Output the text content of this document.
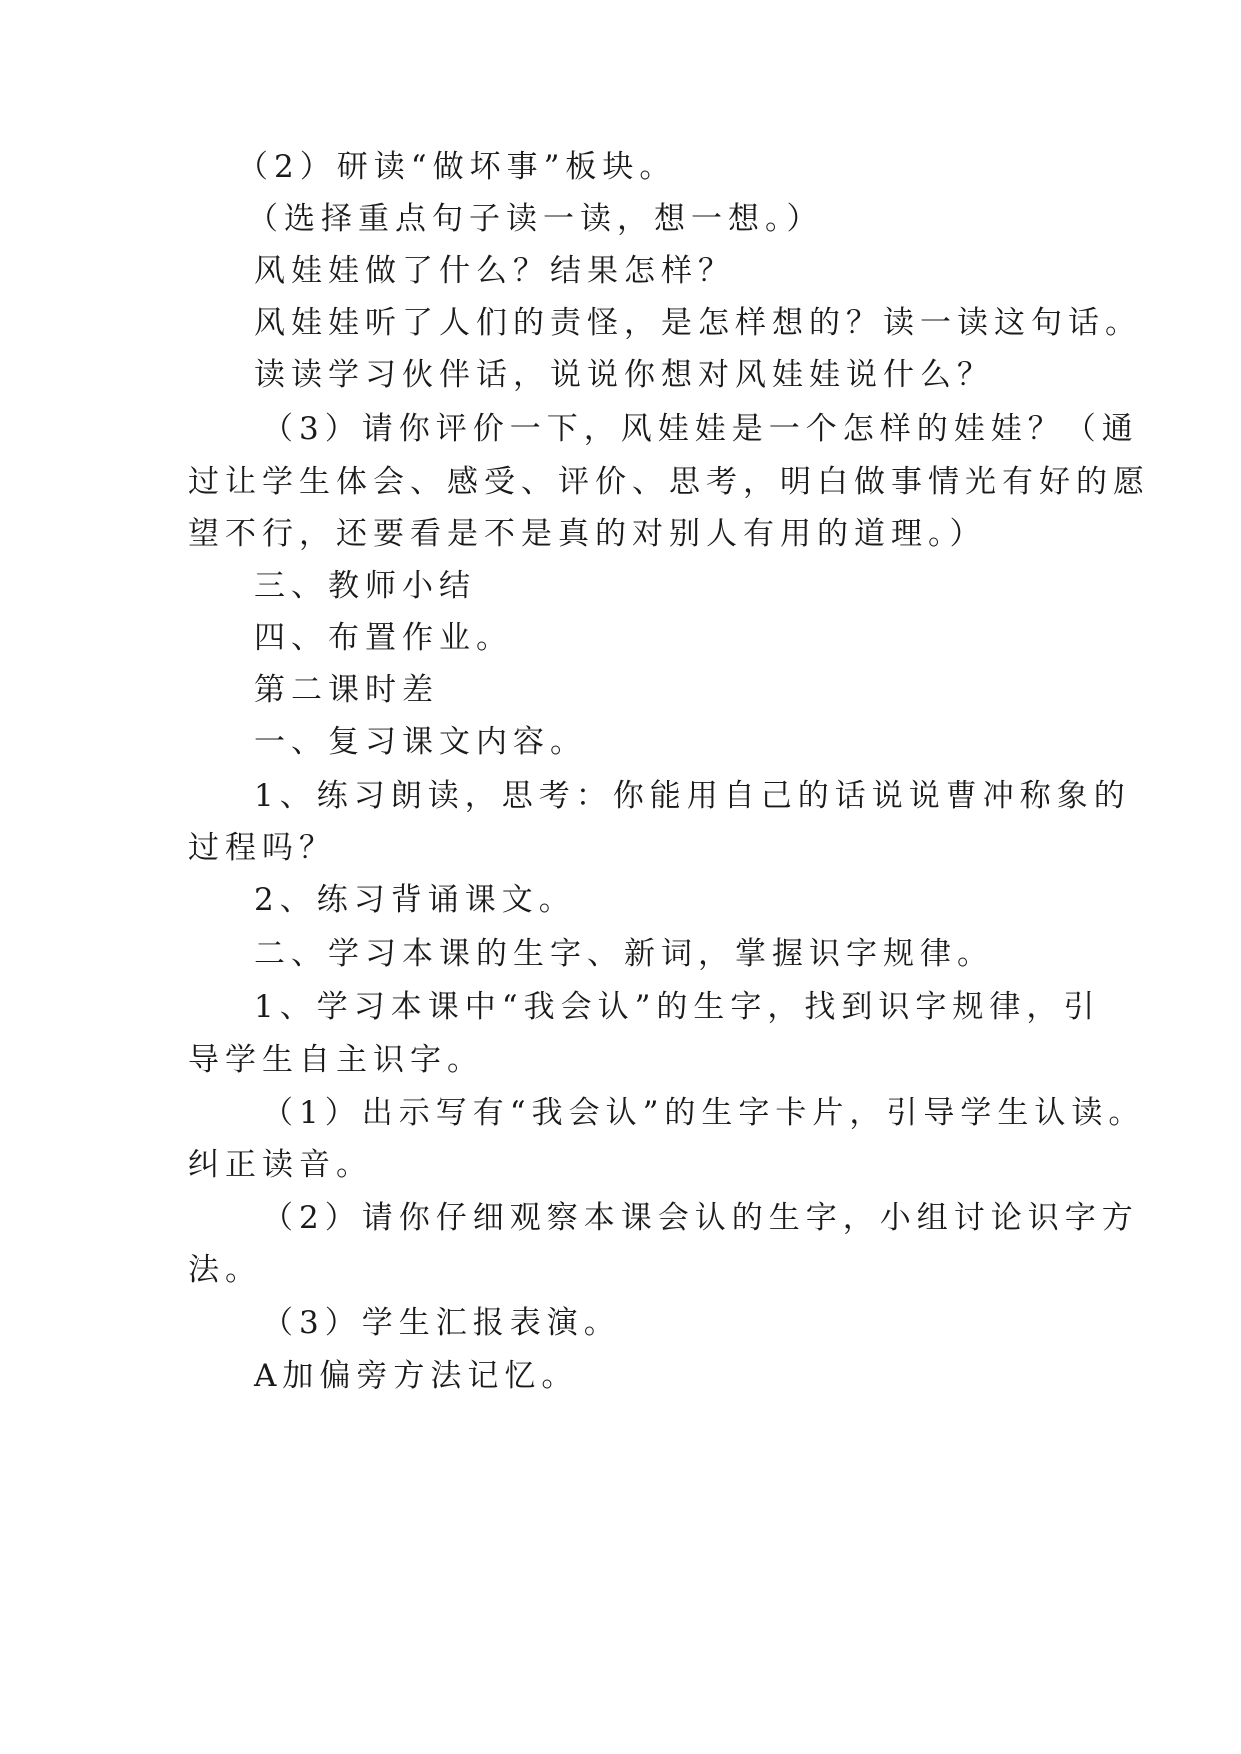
（2）研读“做坏事”板块。
（选择重点句子读一读，想一想。）
风娃娃做了什么？结果怎样？
风娃娃听了人们的责怪，是怎样想的？读一读这句话。
读读学习伙伴话，说说你想对风娃娃说什么？
（3）请你评价一下，风娃娃是一个怎样的娃娃？（通
过让学生体会、感受、评价、思考，明白做事情光有好的愿
望不行，还要看是不是真的对别人有用的道理。）
三、教师小结
四、布置作业。
第二课时差
一、复习课文内容。
1、练习朗读，思考：你能用自己的话说说曹冲称象的
过程吗？
2、练习背诵课文。
二、学习本课的生字、新词，掌握识字规律。
1、学习本课中“我会认”的生字，找到识字规律，引
导学生自主识字。
（1）出示写有“我会认”的生字卡片，引导学生认读。
纠正读音。
（2）请你仔细观察本课会认的生字，小组讨论识字方
法。
（3）学生汇报表演。
A加偏旁方法记忆。
